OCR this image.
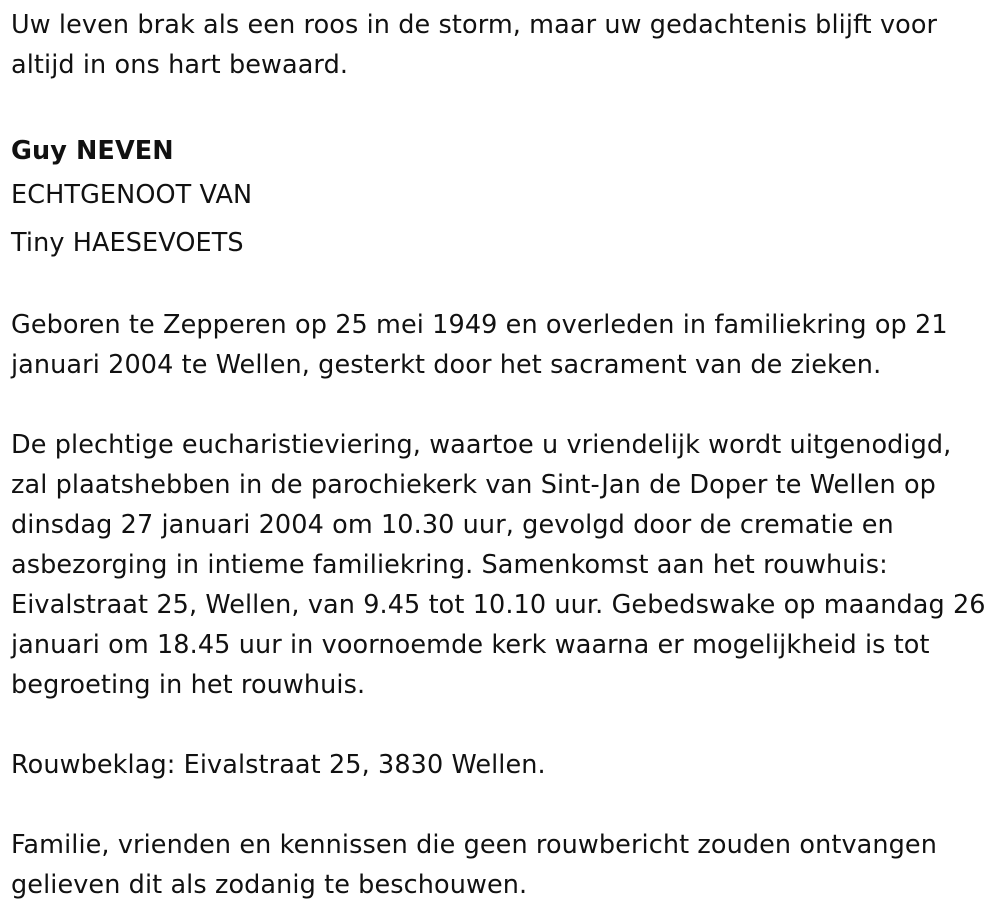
Uw leven brak als een roos in de storm, maar uw gedachtenis blijft voor altijd in ons hart bewaard.

Guy NEVEN

ECHTGENOOT VAN

Tiny HAESEVOETS

Geboren te Zepperen op 25 mei 1949 en overleden in familiekring op 21 januari 2004 te Wellen, gesterkt door het sacrament van de zieken.

De plechtige eucharistieviering, waartoe u vriendelijk wordt uitgenodigd, zal plaatshebben in de parochiekerk van Sint-Jan de Doper te Wellen op dinsdag 27 januari 2004 om 10.30 uur, gevolgd door de crematie en asbezorging in intieme familiekring. Samenkomst aan het rouwhuis: Eivalstraat 25, Wellen, van 9.45 tot 10.10 uur. Gebedswake op maandag 26 januari om 18.45 uur in voornoemde kerk waarna er mogelijkheid is tot begroeting in het rouwhuis.

Rouwbeklag: Eivalstraat 25, 3830 Wellen.

Familie, vrienden en kennissen die geen rouwbericht zouden ontvangen gelieven dit als zodanig te beschouwen.
